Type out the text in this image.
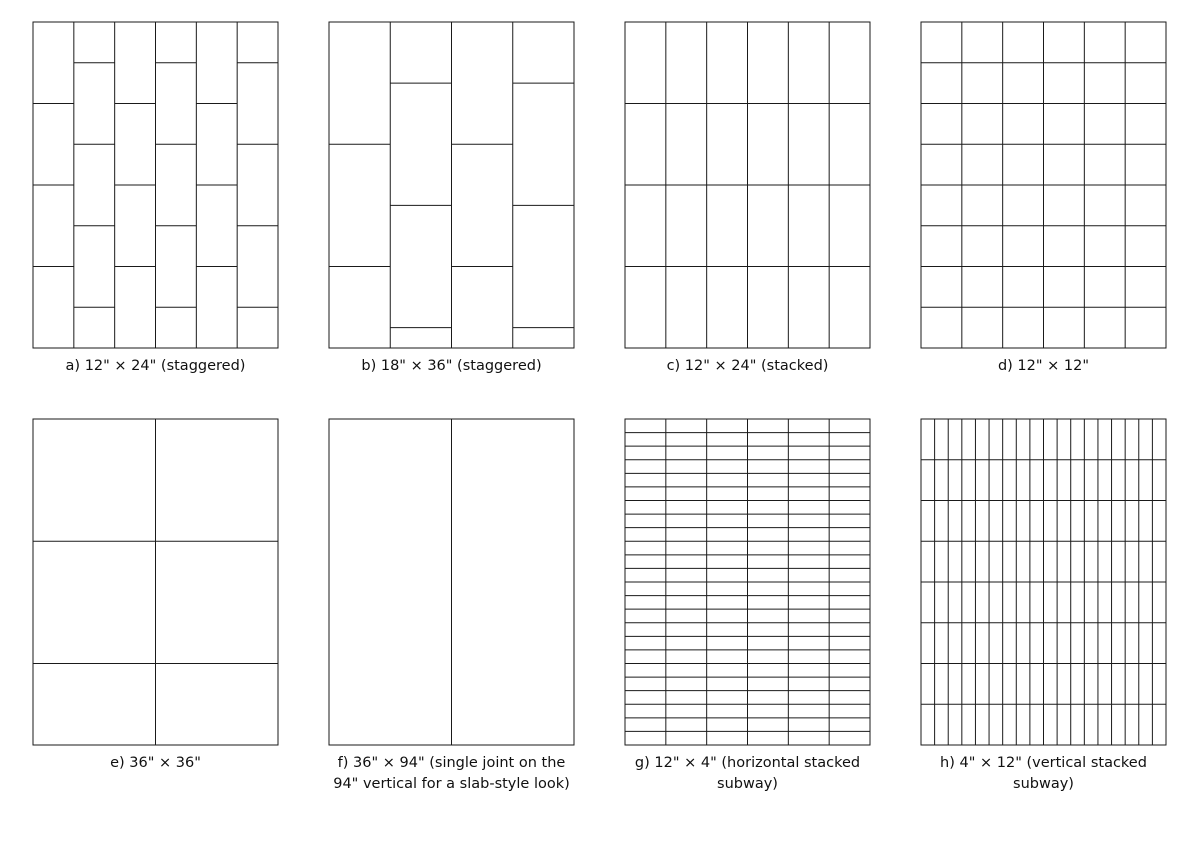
a) 12" × 24" (staggered)	b) 18" × 36" (staggered)	c) 12" × 24" (stacked)	d) 12" × 12"
e) 36" × 36"	f) 36" × 94" (single joint on the 94" vertical for a slab-style look)
g) 12" × 4" (horizontal stacked subway)
h) 4" × 12" (vertical stacked subway)
